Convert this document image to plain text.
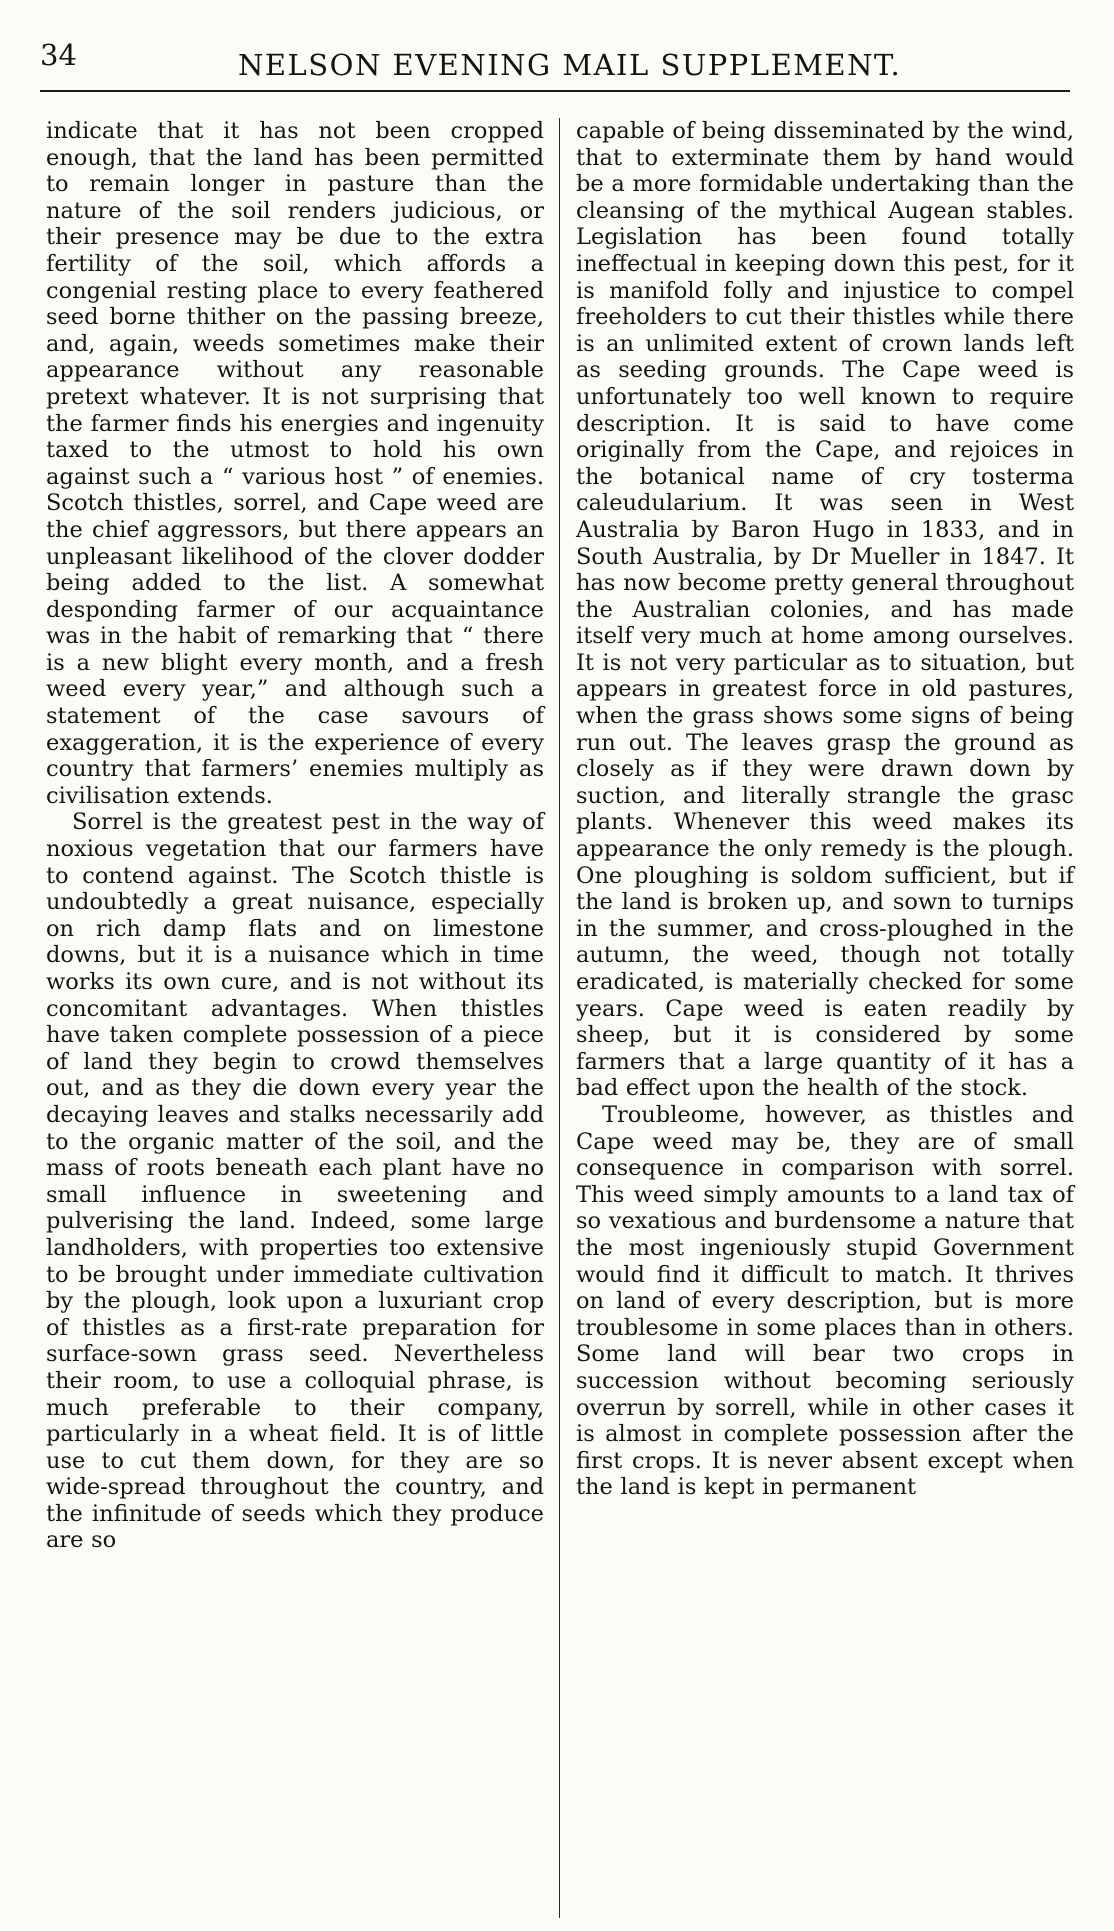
34	NELSON EVENING MAIL SUPPLEMENT.

indicate that it has not been cropped enough, that the land has been permitted to remain longer in pasture than the nature of the soil renders judicious, or their presence may be due to the extra fertility of the soil, which affords a congenial resting place to every feathered seed borne thither on the passing breeze, and, again, weeds sometimes make their appearance without any reasonable pretext whatever. It is not surprising that the farmer finds his energies and ingenuity taxed to the utmost to hold his own against such a “ various host ” of enemies. Scotch thistles, sorrel, and Cape weed are the chief aggressors, but there appears an unpleasant likelihood of the clover dodder being added to the list. A somewhat desponding farmer of our acquaintance was in the habit of remarking that “ there is a new blight every month, and a fresh weed every year,” and although such a statement of the case savours of exaggeration, it is the experience of every country that farmers’ enemies multiply as civilisation extends.

Sorrel is the greatest pest in the way of noxious vegetation that our farmers have to contend against. The Scotch thistle is undoubtedly a great nuisance, especially on rich damp flats and on limestone downs, but it is a nuisance which in time works its own cure, and is not without its concomitant advantages. When thistles have taken complete possession of a piece of land they begin to crowd themselves out, and as they die down every year the decaying leaves and stalks necessarily add to the organic matter of the soil, and the mass of roots beneath each plant have no small influence in sweetening and pulverising the land. Indeed, some large landholders, with properties too extensive to be brought under immediate cultivation by the plough, look upon a luxuriant crop of thistles as a first-rate preparation for surface-sown grass seed. Nevertheless their room, to use a colloquial phrase, is much preferable to their company, particularly in a wheat field. It is of little use to cut them down, for they are so wide-spread throughout the country, and the infinitude of seeds which they produce are so

capable of being disseminated by the wind, that to exterminate them by hand would be a more formidable undertaking than the cleansing of the mythical Augean stables. Legislation has been found totally ineffectual in keeping down this pest, for it is manifold folly and injustice to compel freeholders to cut their thistles while there is an unlimited extent of crown lands left as seeding grounds. The Cape weed is unfortunately too well known to require description. It is said to have come originally from the Cape, and rejoices in the botanical name of cry tosterma caleudularium. It was seen in West Australia by Baron Hugo in 1833, and in South Australia, by Dr Mueller in 1847. It has now become pretty general throughout the Australian colonies, and has made itself very much at home among ourselves. It is not very particular as to situation, but appears in greatest force in old pastures, when the grass shows some signs of being run out. The leaves grasp the ground as closely as if they were drawn down by suction, and literally strangle the grasc plants. Whenever this weed makes its appearance the only remedy is the plough. One ploughing is soldom sufficient, but if the land is broken up, and sown to turnips in the summer, and cross-ploughed in the autumn, the weed, though not totally eradicated, is materially checked for some years. Cape weed is eaten readily by sheep, but it is considered by some farmers that a large quantity of it has a bad effect upon the health of the stock.

Troubleome, however, as thistles and Cape weed may be, they are of small consequence in comparison with sorrel. This weed simply amounts to a land tax of so vexatious and burdensome a nature that the most ingeniously stupid Government would find it difficult to match. It thrives on land of every description, but is more troublesome in some places than in others. Some land will bear two crops in succession without becoming seriously overrun by sorrell, while in other cases it is almost in complete possession after the first crops. It is never absent except when the land is kept in permanent
